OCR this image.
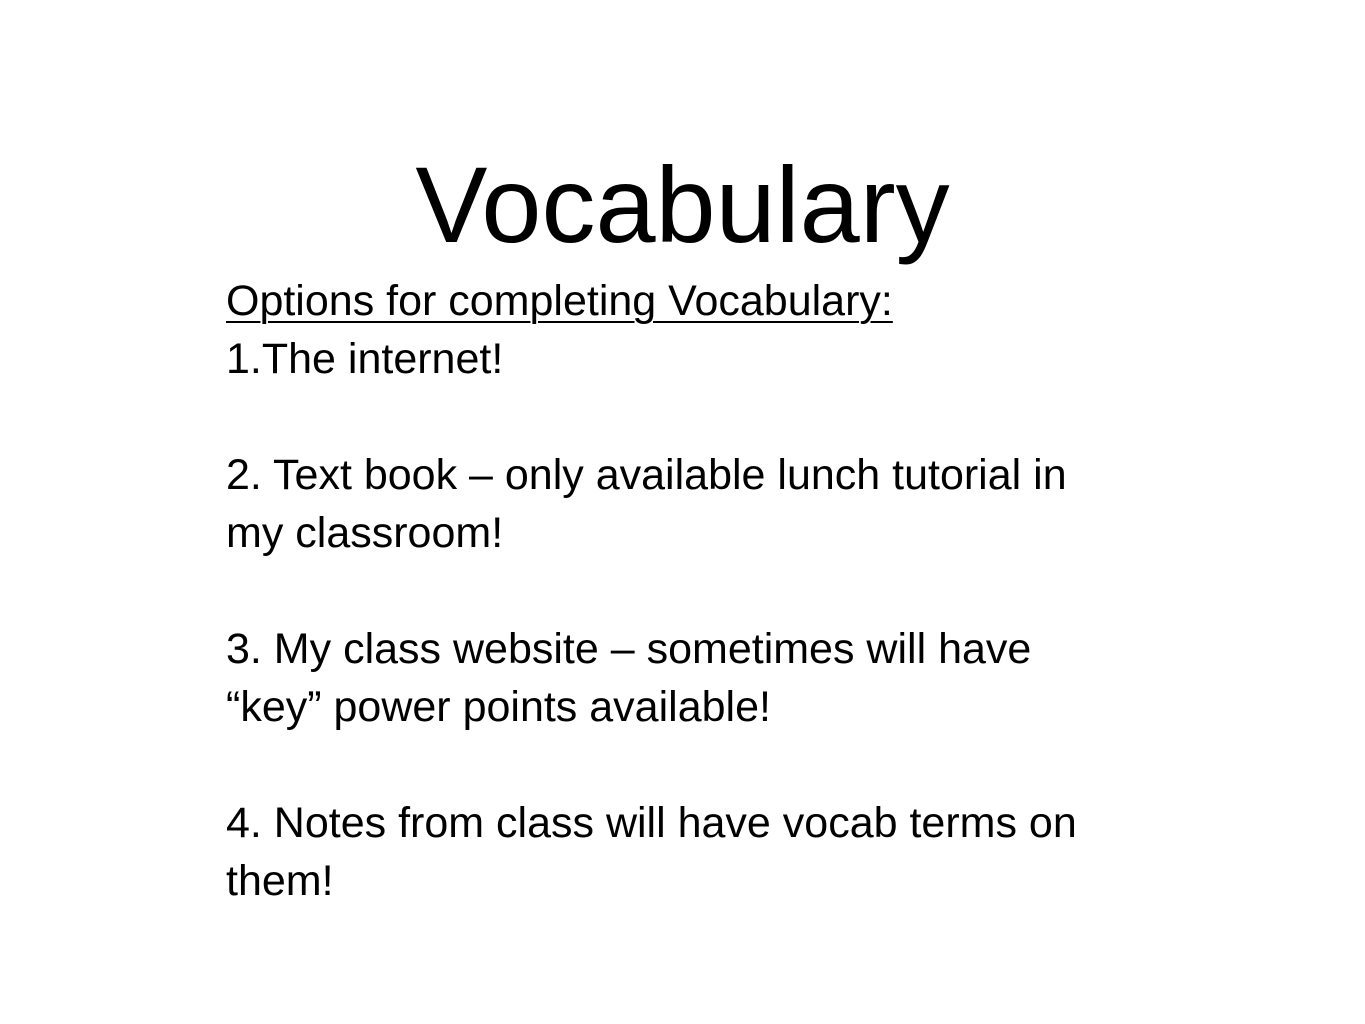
Vocabulary
Options for completing Vocabulary:
1.The internet!
2. Text book – only available lunch tutorial in
my classroom!
3. My class website – sometimes will have
“key” power points available!
4. Notes from class will have vocab terms on
them!
